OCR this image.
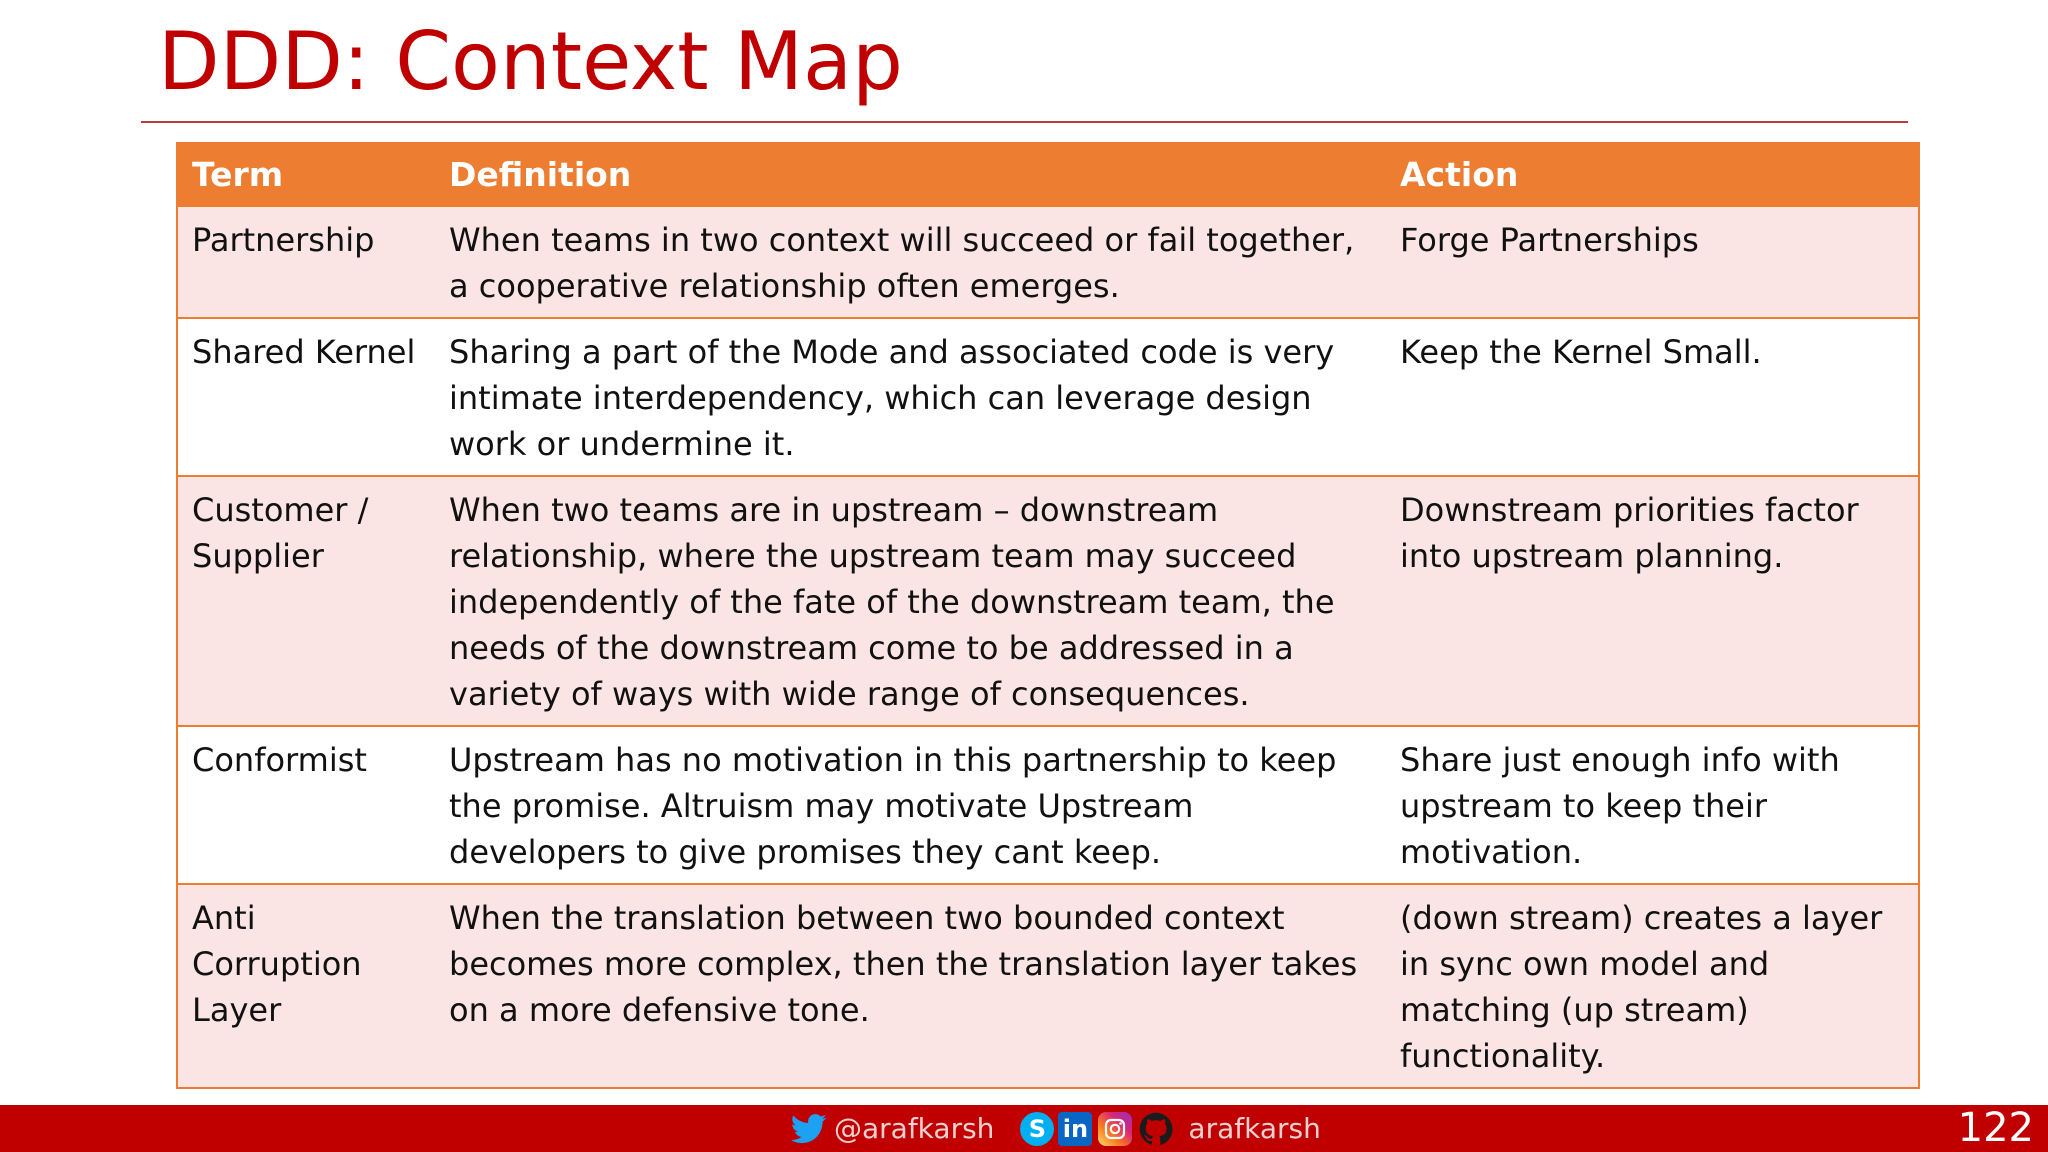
DDD: Context Map
Term	Definition	Action
Partnership	When teams in two context will succeed or fail together, a cooperative relationship often emerges.	Forge Partnerships
Shared Kernel	Sharing a part of the Mode and associated code is very intimate interdependency, which can leverage design work or undermine it.	Keep the Kernel Small.
Customer / Supplier	When two teams are in upstream – downstream relationship, where the upstream team may succeed independently of the fate of the downstream team, the needs of the downstream come to be addressed in a variety of ways with wide range of consequences.	Downstream priorities factor into upstream planning.
Conformist	Upstream has no motivation in this partnership to keep the promise. Altruism may motivate Upstream developers to give promises they cant keep.	Share just enough info with upstream to keep their motivation.
Anti Corruption Layer	When the translation between two bounded context becomes more complex, then the translation layer takes on a more defensive tone.	(down stream) creates a layer in sync own model and matching (up stream) functionality.
@arafkarsh	S in	arafkarsh	122
